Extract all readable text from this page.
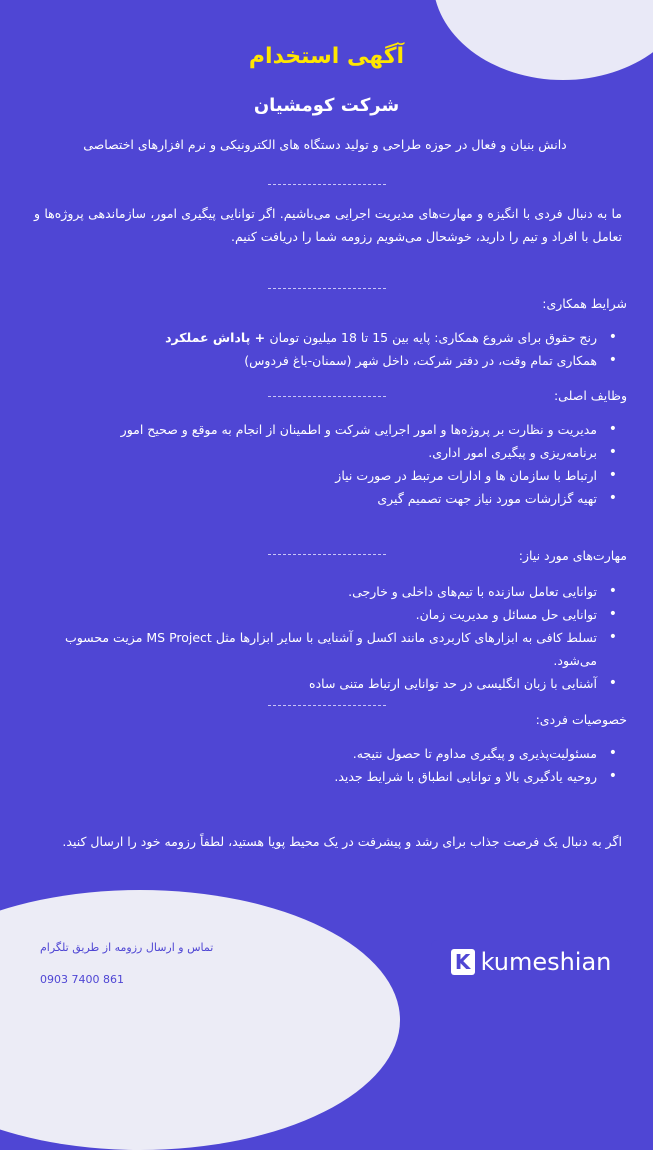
آگهی استخدام
شرکت کومشیان

دانش بنیان و فعال در حوزه طراحی و تولید دستگاه های الکترونیکی و نرم افزارهای اختصاصی

ما به دنبال فردی با انگیزه و مهارت‌های مدیریت اجرایی می‌باشیم. اگر توانایی پیگیری امور، سازماندهی پروژه‌ها و تعامل با افراد و تیم را دارید، خوشحال می‌شویم رزومه شما را دریافت کنیم.

شرایط همکاری:

• رنج حقوق برای شروع همکاری: پایه بین 15 تا 18 میلیون تومان + پاداش عملکرد
• همکاری تمام وقت، در دفتر شرکت، داخل شهر (سمنان-باغ فردوس)

وظایف اصلی:

• مدیریت و نظارت بر پروژه‌ها و امور اجرایی شرکت و اطمینان از انجام به موقع و صحیح امور
• برنامه‌ریزی و پیگیری امور اداری.
• ارتباط با سازمان ها و ادارات مرتبط در صورت نیاز
• تهیه گزارشات مورد نیاز جهت تصمیم گیری

مهارت‌های مورد نیاز:

• توانایی تعامل سازنده با تیم‌های داخلی و خارجی.
• توانایی حل مسائل و مدیریت زمان.
• تسلط کافی به ابزارهای کاربردی مانند اکسل و آشنایی با سایر ابزارها مثل MS Project مزیت محسوب می‌شود.
• آشنایی با زبان انگلیسی در حد توانایی ارتباط متنی ساده

خصوصیات فردی:

• مسئولیت‌پذیری و پیگیری مداوم تا حصول نتیجه.
• روحیه یادگیری بالا و توانایی انطباق با شرایط جدید.

اگر به دنبال یک فرصت جذاب برای رشد و پیشرفت در یک محیط پویا هستید، لطفاً رزومه خود را ارسال کنید.

تماس و ارسال رزومه از طریق تلگرام

0903 7400 861

K kumeshian
